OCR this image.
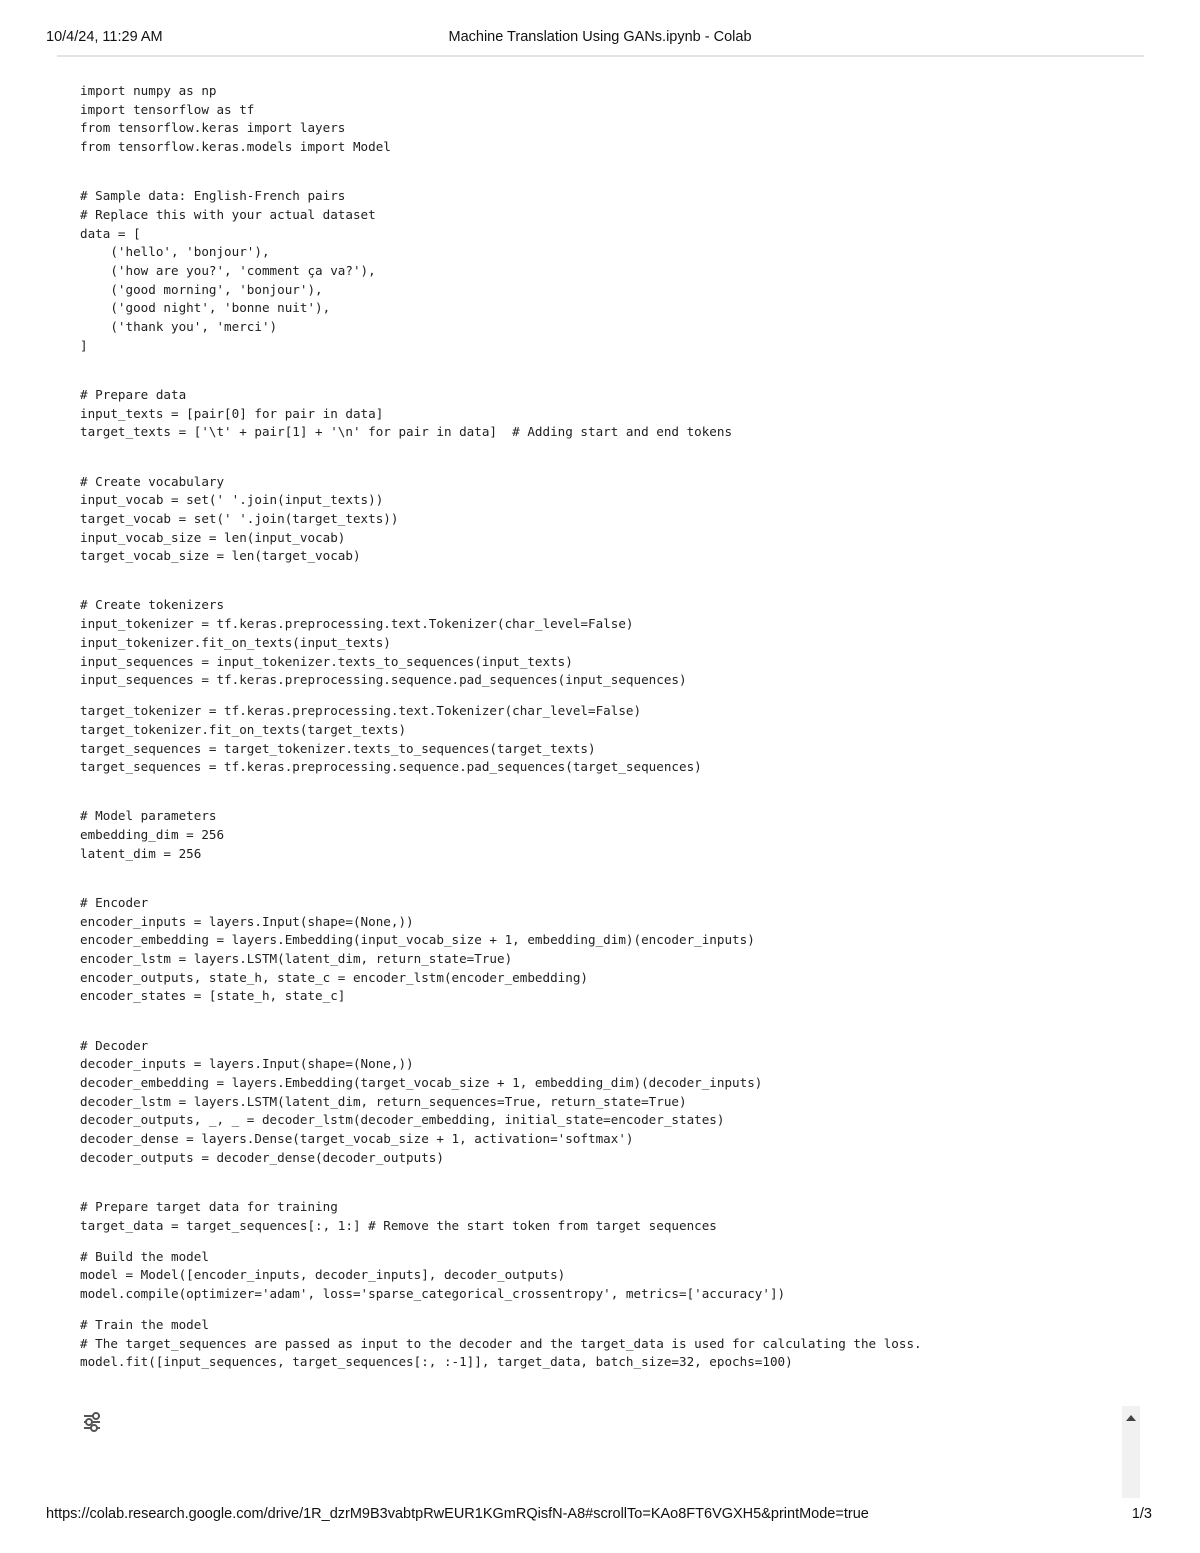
10/4/24, 11:29 AM	Machine Translation Using GANs.ipynb - Colab
import numpy as np
import tensorflow as tf
from tensorflow.keras import layers
from tensorflow.keras.models import Model
# Sample data: English-French pairs
# Replace this with your actual dataset
data = [
('hello', 'bonjour'),
('how are you?', 'comment ça va?'),
('good morning', 'bonjour'),
('good night', 'bonne nuit'),
('thank you', 'merci')
]
# Prepare data
input_texts = [pair[0] for pair in data]
target_texts = ['\t' + pair[1] + '\n' for pair in data]  # Adding start and end tokens
# Create vocabulary
input_vocab = set(' '.join(input_texts))
target_vocab = set(' '.join(target_texts))
input_vocab_size = len(input_vocab)
target_vocab_size = len(target_vocab)
# Create tokenizers
input_tokenizer = tf.keras.preprocessing.text.Tokenizer(char_level=False)
input_tokenizer.fit_on_texts(input_texts)
input_sequences = input_tokenizer.texts_to_sequences(input_texts)
input_sequences = tf.keras.preprocessing.sequence.pad_sequences(input_sequences)
target_tokenizer = tf.keras.preprocessing.text.Tokenizer(char_level=False)
target_tokenizer.fit_on_texts(target_texts)
target_sequences = target_tokenizer.texts_to_sequences(target_texts)
target_sequences = tf.keras.preprocessing.sequence.pad_sequences(target_sequences)
# Model parameters
embedding_dim = 256
latent_dim = 256
# Encoder
encoder_inputs = layers.Input(shape=(None,))
encoder_embedding = layers.Embedding(input_vocab_size + 1, embedding_dim)(encoder_inputs)
encoder_lstm = layers.LSTM(latent_dim, return_state=True)
encoder_outputs, state_h, state_c = encoder_lstm(encoder_embedding)
encoder_states = [state_h, state_c]
# Decoder
decoder_inputs = layers.Input(shape=(None,))
decoder_embedding = layers.Embedding(target_vocab_size + 1, embedding_dim)(decoder_inputs)
decoder_lstm = layers.LSTM(latent_dim, return_sequences=True, return_state=True)
decoder_outputs, _, _ = decoder_lstm(decoder_embedding, initial_state=encoder_states)
decoder_dense = layers.Dense(target_vocab_size + 1, activation='softmax')
decoder_outputs = decoder_dense(decoder_outputs)
# Prepare target data for training
target_data = target_sequences[:, 1:] # Remove the start token from target sequences
# Build the model
model = Model([encoder_inputs, decoder_inputs], decoder_outputs)
model.compile(optimizer='adam', loss='sparse_categorical_crossentropy', metrics=['accuracy'])
# Train the model
# The target_sequences are passed as input to the decoder and the target_data is used for calculating the loss.
model.fit([input_sequences, target_sequences[:, :-1]], target_data, batch_size=32, epochs=100)
https://colab.research.google.com/drive/1R_dzrM9B3vabtpRwEUR1KGmRQisfN-A8#scrollTo=KAo8FT6VGXH5&printMode=true	1/3
